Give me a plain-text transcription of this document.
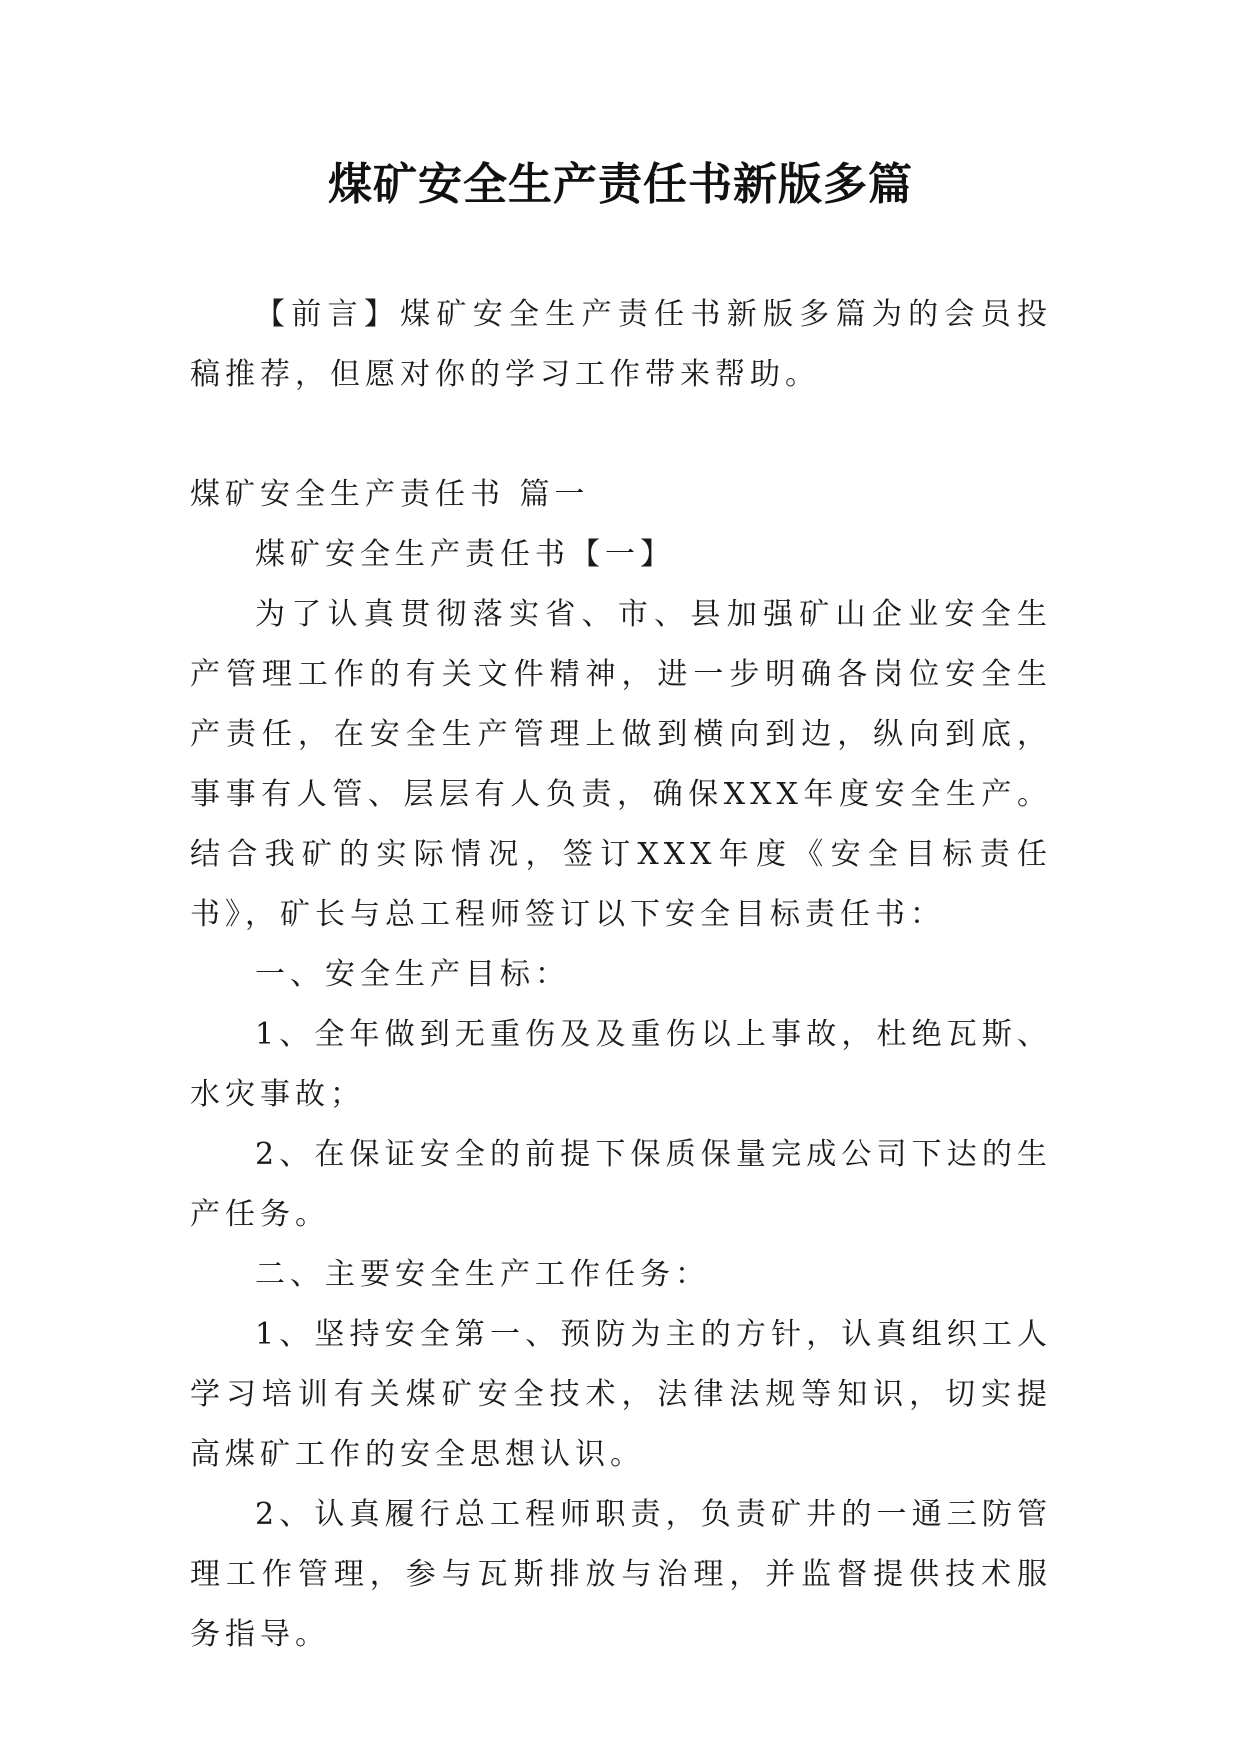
煤矿安全生产责任书新版多篇

【前言】煤矿安全生产责任书新版多篇为的会员投稿推荐，但愿对你的学习工作带来帮助。

煤矿安全生产责任书 篇一

煤矿安全生产责任书【一】

为了认真贯彻落实省、市、县加强矿山企业安全生产管理工作的有关文件精神，进一步明确各岗位安全生产责任，在安全生产管理上做到横向到边，纵向到底，事事有人管、层层有人负责，确保XXX年度安全生产。结合我矿的实际情况，签订XXX年度《安全目标责任书》，矿长与总工程师签订以下安全目标责任书：

一、安全生产目标：

1、全年做到无重伤及及重伤以上事故，杜绝瓦斯、水灾事故；

2、在保证安全的前提下保质保量完成公司下达的生产任务。

二、主要安全生产工作任务：

1、坚持安全第一、预防为主的方针，认真组织工人学习培训有关煤矿安全技术，法律法规等知识，切实提高煤矿工作的安全思想认识。

2、认真履行总工程师职责，负责矿井的一通三防管理工作管理，参与瓦斯排放与治理，并监督提供技术服务指导。
